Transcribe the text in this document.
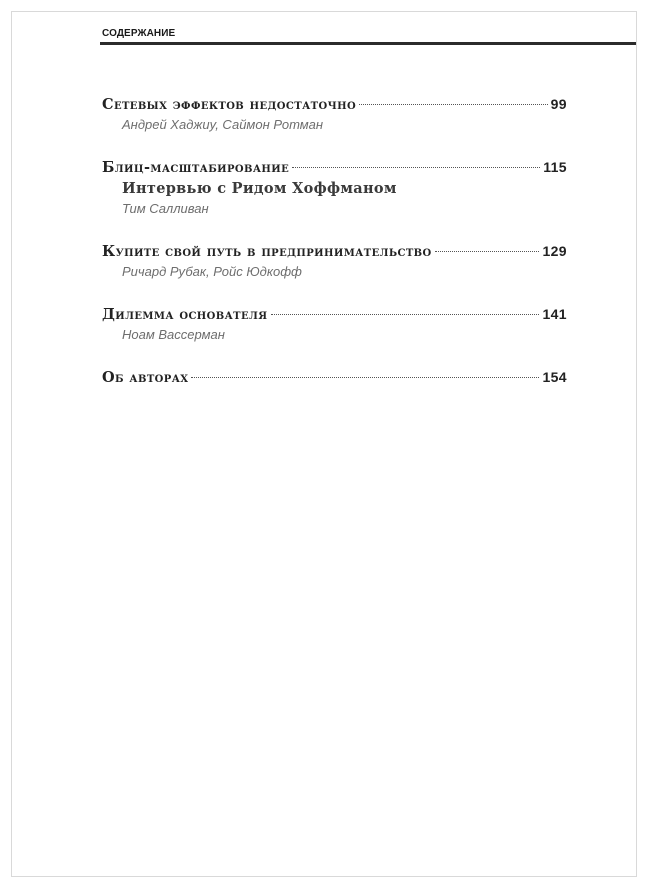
СОДЕРЖАНИЕ
Сетевых эффектов недостаточно	99
Андрей Хаджиу, Саймон Ротман
Блиц-масштабирование	115
Интервью с Ридом Хоффманом
Тим Салливан
Купите свой путь в предпринимательство	129
Ричард Рубак, Ройс Юдкофф
Дилемма основателя	141
Ноам Вассерман
Об авторах	154
